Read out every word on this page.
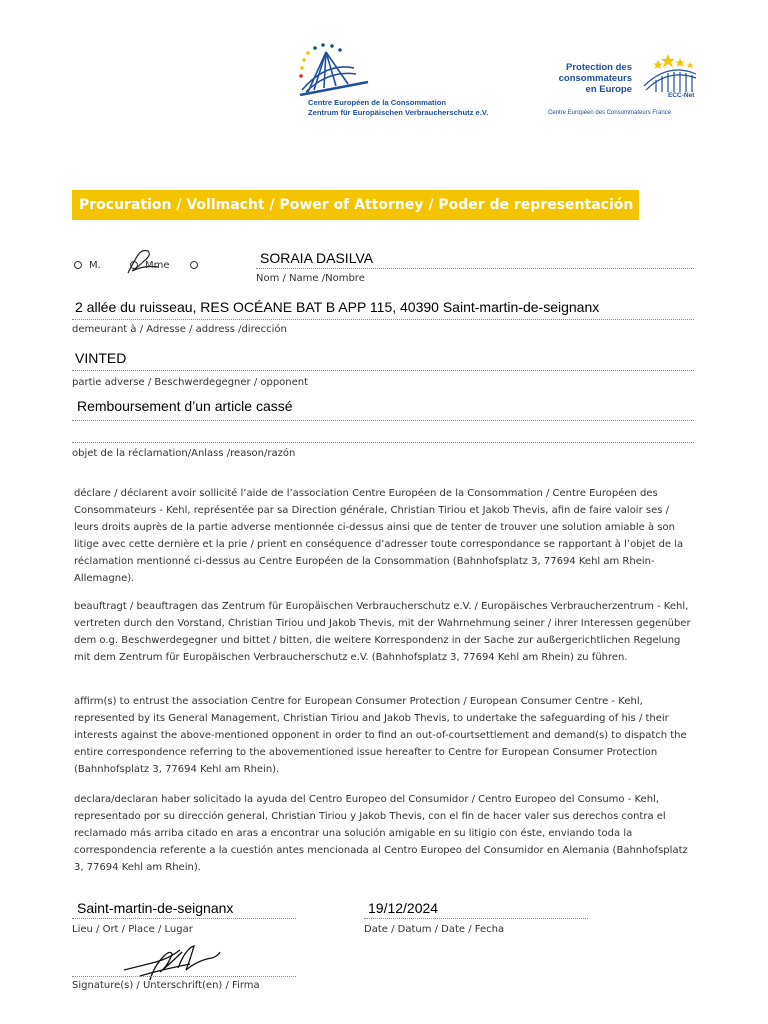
Centre Européen de la Consommation
Zentrum für Europäischen Verbraucherschutz e.V.
Protection des
consommateurs
en Europe
ECC-Net
Centre Européen des Consommateurs France
Procuration / Vollmacht / Power of Attorney / Poder de representación
M.	Mme	SORAIA DASILVA
Nom / Name /Nombre
2 allée du ruisseau, RES OCÉANE BAT B APP 115, 40390 Saint-martin-de-seignanx
demeurant à / Adresse / address /dirección
VINTED
partie adverse / Beschwerdegegner / opponent
Remboursement d’un article cassé
objet de la réclamation/Anlass /reason/razón
déclare / déclarent avoir sollicité l’aide de l’association Centre Européen de la Consommation / Centre Européen des Consommateurs - Kehl, représentée par sa Direction générale, Christian Tiriou et Jakob Thevis, afin de faire valoir ses / leurs droits auprès de la partie adverse mentionnée ci-dessus ainsi que de tenter de trouver une solution amiable à son litige avec cette dernière et la prie / prient en conséquence d’adresser toute correspondance se rapportant à l’objet de la réclamation mentionné ci-dessus au Centre Européen de la Consommation (Bahnhofsplatz 3, 77694 Kehl am Rhein-Allemagne).
beauftragt / beauftragen das Zentrum für Europäischen Verbraucherschutz e.V. / Europäisches Verbraucherzentrum - Kehl, vertreten durch den Vorstand, Christian Tiriou und Jakob Thevis, mit der Wahrnehmung seiner / ihrer Interessen gegenüber dem o.g. Beschwerdegegner und bittet / bitten, die weitere Korrespondenz in der Sache zur außergerichtlichen Regelung mit dem Zentrum für Europäischen Verbraucherschutz e.V. (Bahnhofsplatz 3, 77694 Kehl am Rhein) zu führen.
affirm(s) to entrust the association Centre for European Consumer Protection / European Consumer Centre - Kehl, represented by its General Management, Christian Tiriou and Jakob Thevis, to undertake the safeguarding of his / their interests against the above-mentioned opponent in order to find an out-of-courtsettlement and demand(s) to dispatch the entire correspondence referring to the abovementioned issue hereafter to Centre for European Consumer Protection (Bahnhofsplatz 3, 77694 Kehl am Rhein).
declara/declaran haber solicitado la ayuda del Centro Europeo del Consumidor / Centro Europeo del Consumo - Kehl, representado por su dirección general, Christian Tiriou y Jakob Thevis, con el fin de hacer valer sus derechos contra el reclamado más arriba citado en aras a encontrar una solución amigable en su litigio con éste, enviando toda la correspondencia referente a la cuestión antes mencionada al Centro Europeo del Consumidor en Alemania (Bahnhofsplatz 3, 77694 Kehl am Rhein).
Saint-martin-de-seignanx
Lieu / Ort / Place / Lugar
19/12/2024
Date / Datum / Date / Fecha
Signature(s) / Unterschrift(en) / Firma
